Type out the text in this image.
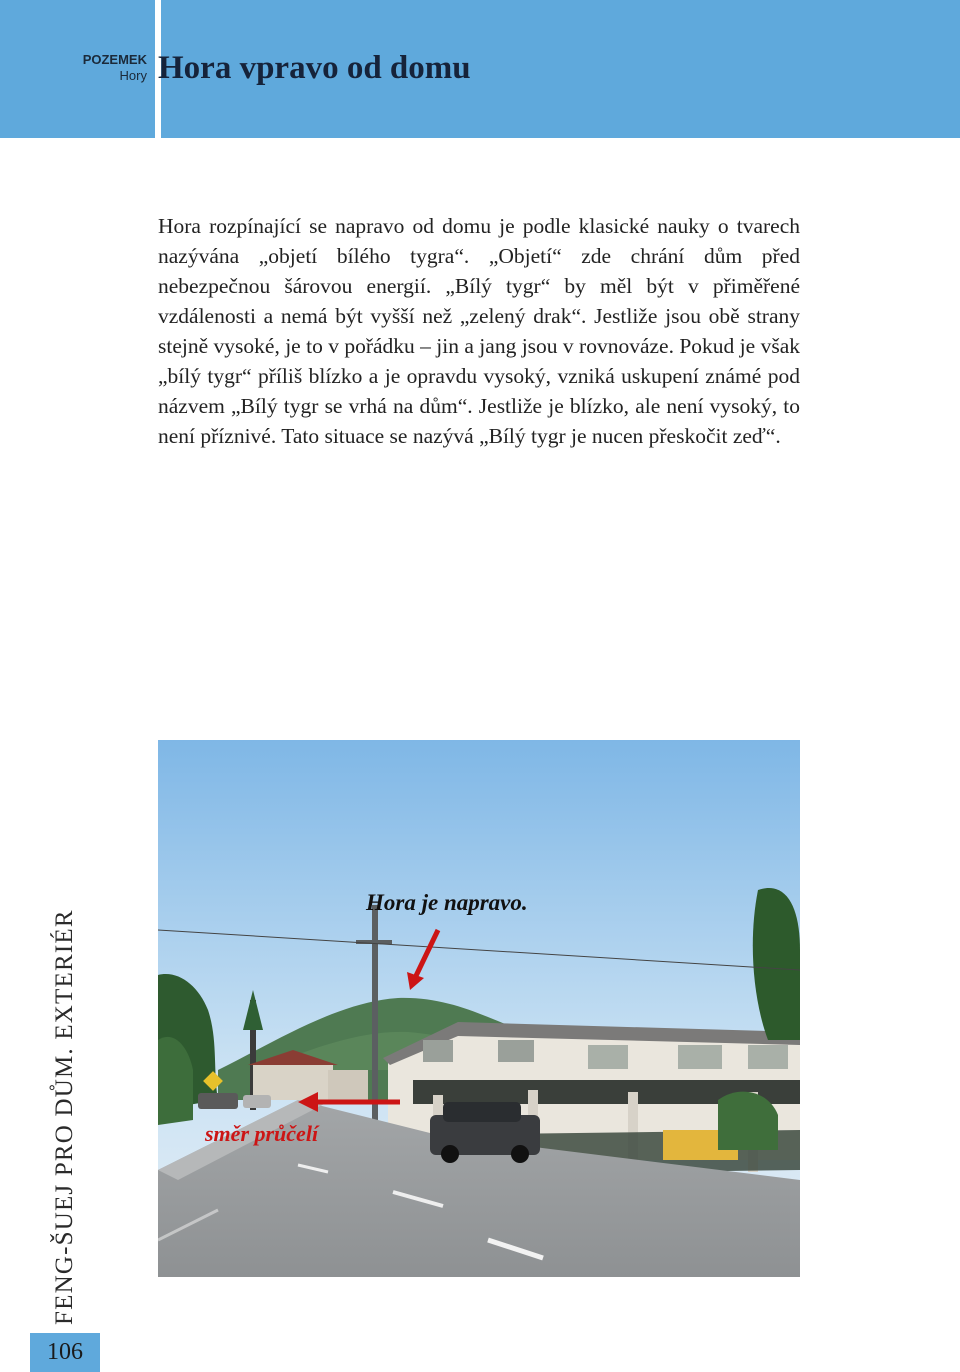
POZEMEK
Hory Hora vpravo od domu

Hora rozpínající se napravo od domu je podle klasické nauky o tvarech nazývána „objetí bílého tygra“. „Objetí“ zde chrání dům před nebezpečnou šárovou energií. „Bílý tygr“ by měl být v přiměřené vzdálenosti a nemá být vyšší než „zelený drak“. Jestliže jsou obě strany stejně vysoké, je to v pořádku – jin a jang jsou v rovnováze. Pokud je však „bílý tygr“ příliš blízko a je opravdu vysoký, vzniká uskupení známé pod názvem „Bílý tygr se vrhá na dům“. Jestliže je blízko, ale není vysoký, to není příznivé. Tato situace se nazývá „Bílý tygr je nucen přeskočit zeď“.

Hora je napravo.
směr průčelí
FENG-ŠUEJ PRO DŮM. EXTERIÉR
106
